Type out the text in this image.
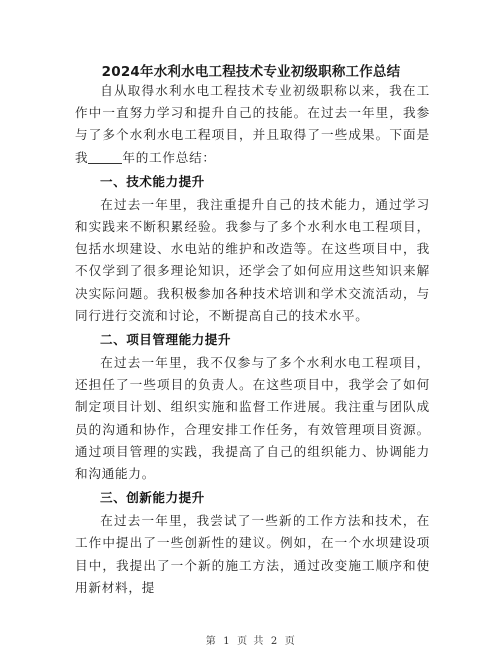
2024年水利水电工程技术专业初级职称工作总结

自从取得水利水电工程技术专业初级职称以来，我在工作中一直努力学习和提升自己的技能。在过去一年里，我参与了多个水利水电工程项目，并且取得了一些成果。下面是我	年的工作总结：

一、技术能力提升

在过去一年里，我注重提升自己的技术能力，通过学习和实践来不断积累经验。我参与了多个水利水电工程项目，包括水坝建设、水电站的维护和改造等。在这些项目中，我不仅学到了很多理论知识，还学会了如何应用这些知识来解决实际问题。我积极参加各种技术培训和学术交流活动，与同行进行交流和讨论，不断提高自己的技术水平。

二、项目管理能力提升

在过去一年里，我不仅参与了多个水利水电工程项目，还担任了一些项目的负责人。在这些项目中，我学会了如何制定项目计划、组织实施和监督工作进展。我注重与团队成员的沟通和协作，合理安排工作任务，有效管理项目资源。通过项目管理的实践，我提高了自己的组织能力、协调能力和沟通能力。

三、创新能力提升

在过去一年里，我尝试了一些新的工作方法和技术，在工作中提出了一些创新性的建议。例如，在一个水坝建设项目中，我提出了一个新的施工方法，通过改变施工顺序和使用新材料，提

第 1 页 共 2 页
